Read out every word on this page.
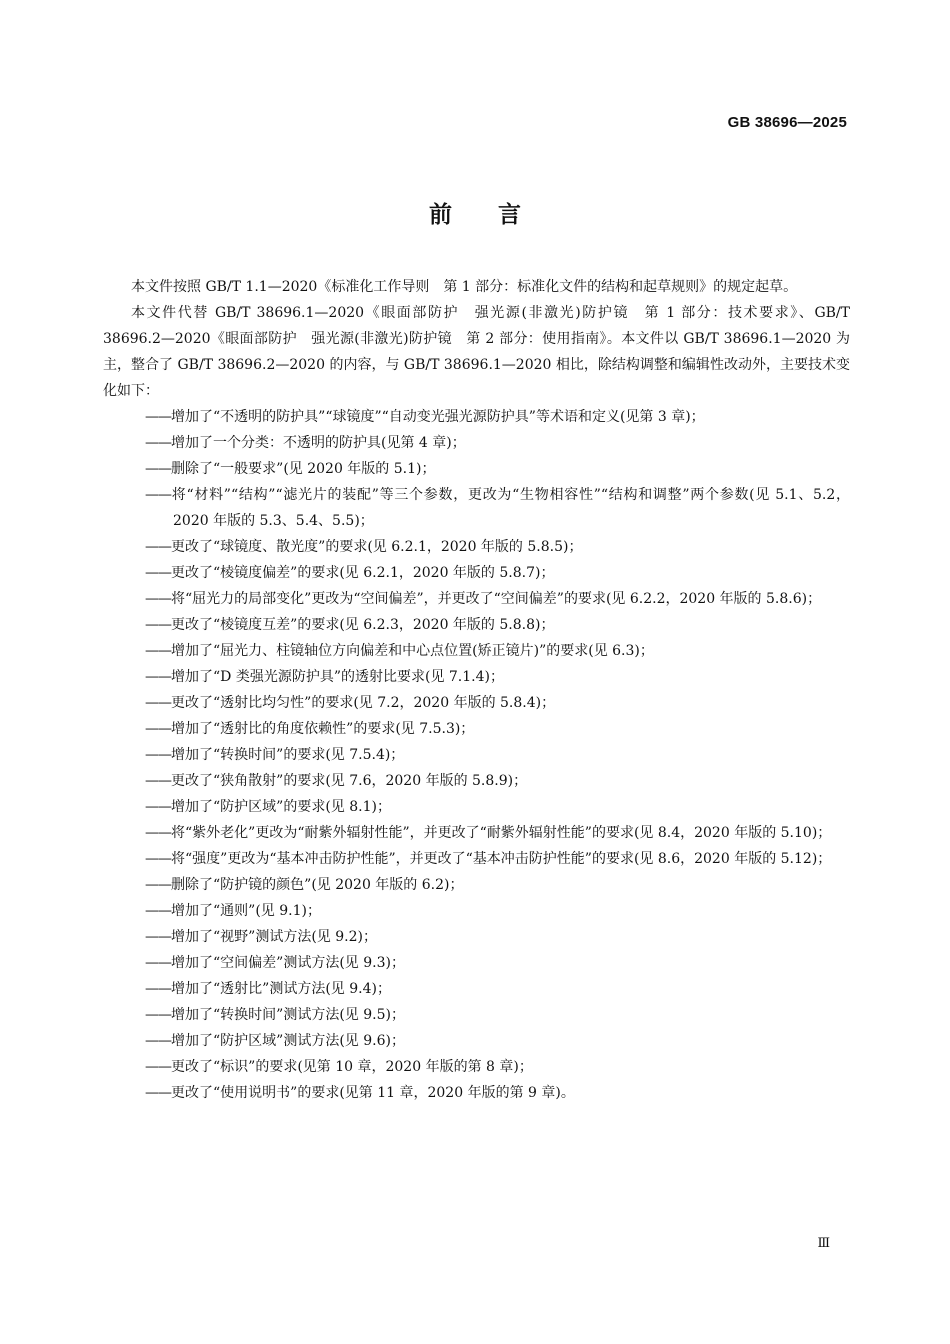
GB 38696—2025
前言

本文件按照 GB/T 1.1—2020《标准化工作导则　第 1 部分：标准化文件的结构和起草规则》的规定起草。

本文件代替 GB/T 38696.1—2020《眼面部防护　强光源(非激光)防护镜　第 1 部分：技术要求》、GB/T 38696.2—2020《眼面部防护　强光源(非激光)防护镜　第 2 部分：使用指南》。本文件以 GB/T 38696.1—2020 为主，整合了 GB/T 38696.2—2020 的内容，与 GB/T 38696.1—2020 相比，除结构调整和编辑性改动外，主要技术变化如下：

—— 增加了“不透明的防护具”“球镜度”“自动变光强光源防护具”等术语和定义(见第 3 章)；
—— 增加了一个分类：不透明的防护具(见第 4 章)；
—— 删除了“一般要求”(见 2020 年版的 5.1)；
—— 将“材料”“结构”“滤光片的装配”等三个参数，更改为“生物相容性”“结构和调整”两个参数(见 5.1、5.2，2020 年版的 5.3、5.4、5.5)；
—— 更改了“球镜度、散光度”的要求(见 6.2.1，2020 年版的 5.8.5)；
—— 更改了“棱镜度偏差”的要求(见 6.2.1，2020 年版的 5.8.7)；
—— 将“屈光力的局部变化”更改为“空间偏差”，并更改了“空间偏差”的要求(见 6.2.2，2020 年版的 5.8.6)；
—— 更改了“棱镜度互差”的要求(见 6.2.3，2020 年版的 5.8.8)；
—— 增加了“屈光力、柱镜轴位方向偏差和中心点位置(矫正镜片)”的要求(见 6.3)；
—— 增加了“D 类强光源防护具”的透射比要求(见 7.1.4)；
—— 更改了“透射比均匀性”的要求(见 7.2，2020 年版的 5.8.4)；
—— 增加了“透射比的角度依赖性”的要求(见 7.5.3)；
—— 增加了“转换时间”的要求(见 7.5.4)；
—— 更改了“狭角散射”的要求(见 7.6，2020 年版的 5.8.9)；
—— 增加了“防护区域”的要求(见 8.1)；
—— 将“紫外老化”更改为“耐紫外辐射性能”，并更改了“耐紫外辐射性能”的要求(见 8.4，2020 年版的 5.10)；
—— 将“强度”更改为“基本冲击防护性能”，并更改了“基本冲击防护性能”的要求(见 8.6，2020 年版的 5.12)；
—— 删除了“防护镜的颜色”(见 2020 年版的 6.2)；
—— 增加了“通则”(见 9.1)；
—— 增加了“视野”测试方法(见 9.2)；
—— 增加了“空间偏差”测试方法(见 9.3)；
—— 增加了“透射比”测试方法(见 9.4)；
—— 增加了“转换时间”测试方法(见 9.5)；
—— 增加了“防护区域”测试方法(见 9.6)；
—— 更改了“标识”的要求(见第 10 章，2020 年版的第 8 章)；
—— 更改了“使用说明书”的要求(见第 11 章，2020 年版的第 9 章)。
Ⅲ
